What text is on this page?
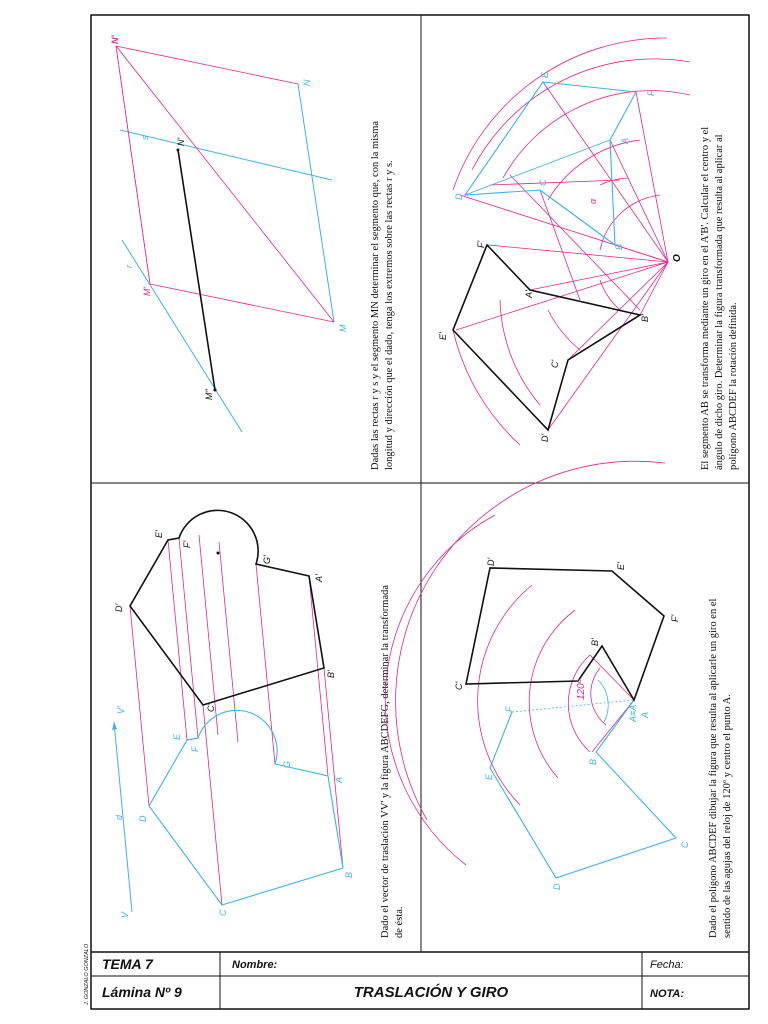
TEMA 7
Lámina Nº 9
Nombre:
TRASLACIÓN Y GIRO
Fecha:
NOTA:
J. GONZALO GONZALO
Dado el vector de traslación VV' y la figura ABCDEFG, determinar la transformada de ésta.
V
V'
d
A
B
C
D
E
F
G
A'
B'
C'
D'
E'
F'
G'
Dado el polígono ABCDEF dibujar la figura que resulta al aplicarle un giro en el sentido de las agujas del reloj de 120º y centro el punto A.
A
B
C
D
E
F	A≡A'
B'
C'
D'
E'
F'
120º
Dadas las rectas r y s y el segmento MN determinar el segmento que, con la misma longitud y dirección que el dado, tenga los extremos sobre las rectas r y s.
N'
N
N'
s
r
M'
M
M''	El segmento AB se transforma mediante un giro en el A'B'. Calcular el centro y el ángulo de dicho giro. Determinar la figura transformada que resulta al aplicar al polígono ABCDEF la rotación definida.
E
F
A
C
D
B
α
O
F'
A'
B'
E'
C'
D'
